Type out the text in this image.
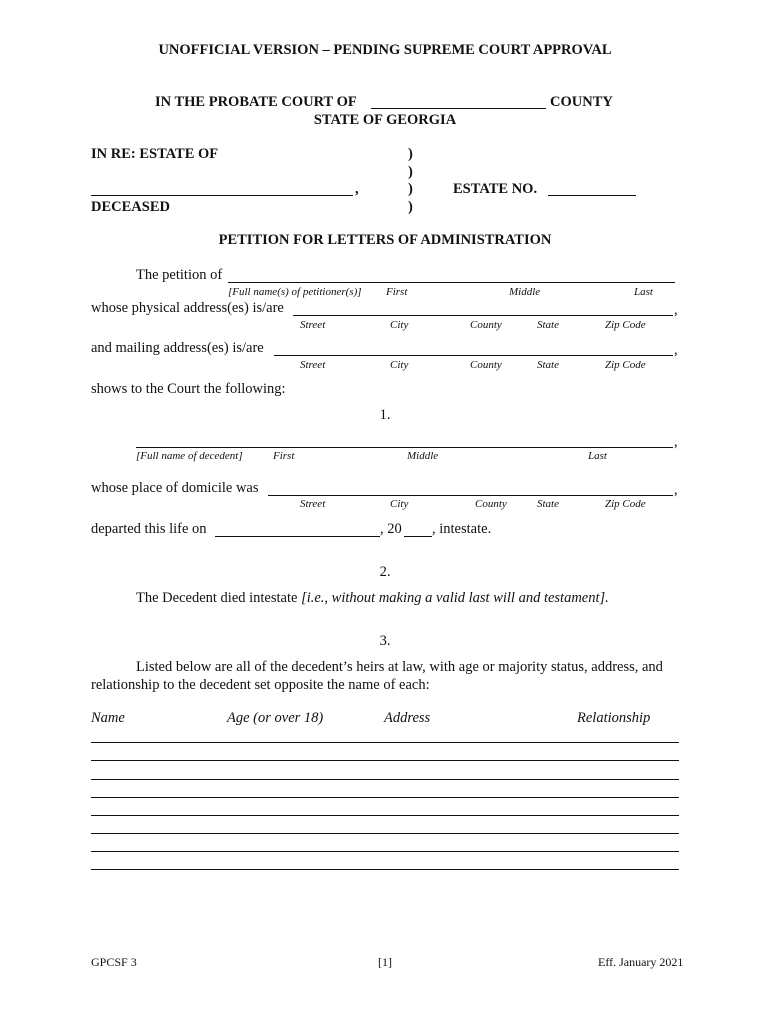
UNOFFICIAL VERSION – PENDING SUPREME COURT APPROVAL
IN THE PROBATE COURT OF	COUNTY
STATE OF GEORGIA
IN RE: ESTATE OF
,
DECEASED
)
)
)
)
ESTATE NO.
PETITION FOR LETTERS OF ADMINISTRATION
The petition of
[Full name(s) of petitioner(s)] First	Middle	Last
whose physical address(es) is/are	,
Street	City	County	State	Zip Code
and mailing address(es) is/are	,
Street	City	County	State	Zip Code
shows to the Court the following:
1.
,
[Full name of decedent]	First	Middle	Last
whose place of domicile was	,
Street	City	County	State	Zip Code
departed this life on	, 20 , intestate.
2.
The Decedent died intestate [i.e., without making a valid last will and testament].
3.
Listed below are all of the decedent’s heirs at law, with age or majority status, address, and
relationship to the decedent set opposite the name of each:
Name	Age (or over 18)	Address	Relationship
GPCSF 3	[1]	Eff. January 2021
